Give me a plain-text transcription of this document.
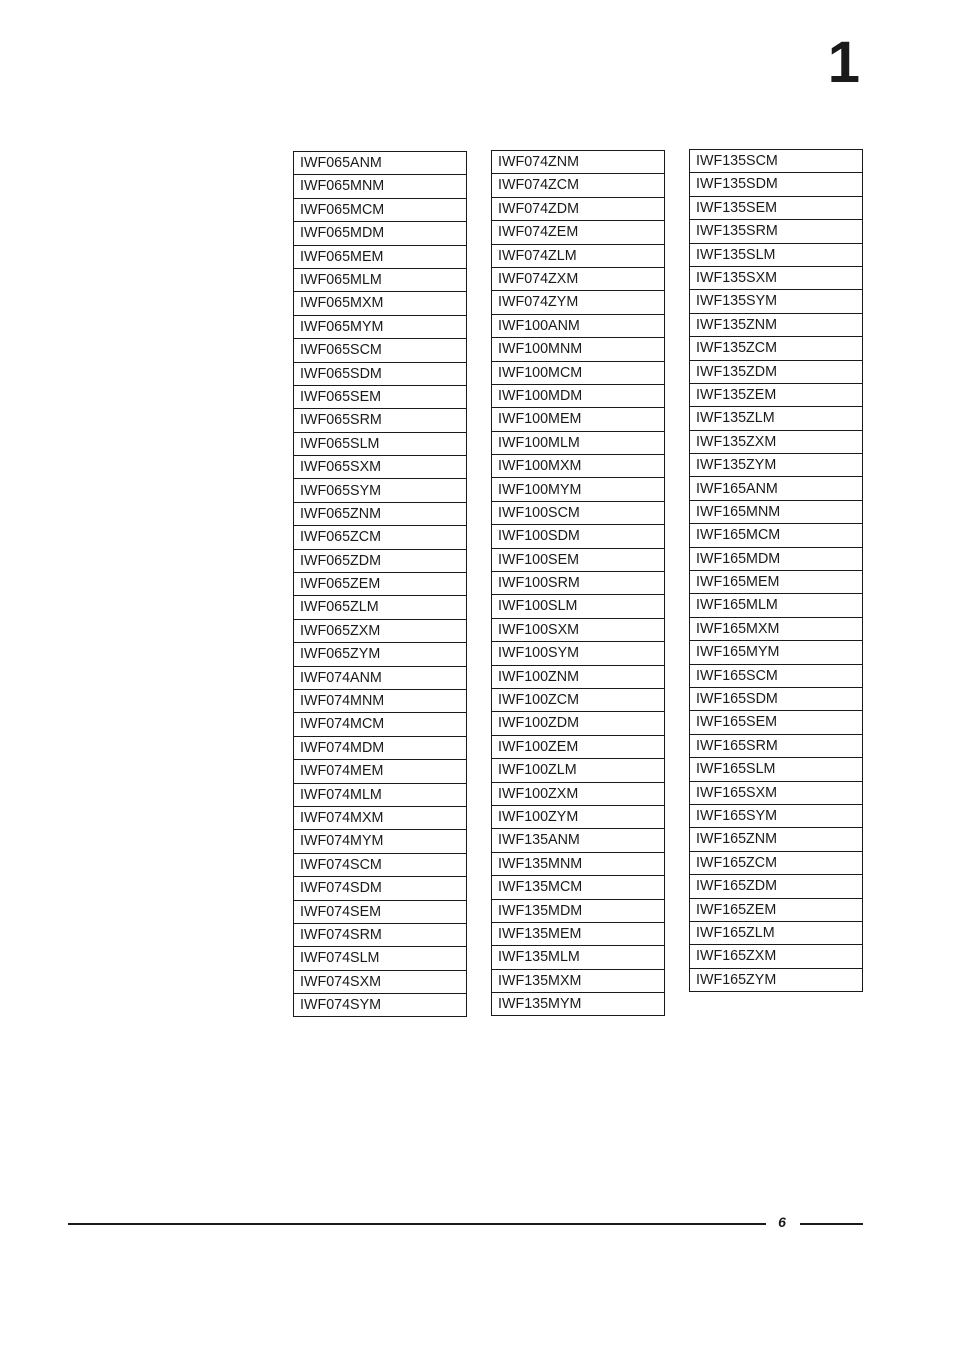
1
IWF065ANM
IWF065MNM
IWF065MCM
IWF065MDM
IWF065MEM
IWF065MLM
IWF065MXM
IWF065MYM
IWF065SCM
IWF065SDM
IWF065SEM
IWF065SRM
IWF065SLM
IWF065SXM
IWF065SYM
IWF065ZNM
IWF065ZCM
IWF065ZDM
IWF065ZEM
IWF065ZLM
IWF065ZXM
IWF065ZYM
IWF074ANM
IWF074MNM
IWF074MCM
IWF074MDM
IWF074MEM
IWF074MLM
IWF074MXM
IWF074MYM
IWF074SCM
IWF074SDM
IWF074SEM
IWF074SRM
IWF074SLM
IWF074SXM
IWF074SYM
IWF074ZNM
IWF074ZCM
IWF074ZDM
IWF074ZEM
IWF074ZLM
IWF074ZXM
IWF074ZYM
IWF100ANM
IWF100MNM
IWF100MCM
IWF100MDM
IWF100MEM
IWF100MLM
IWF100MXM
IWF100MYM
IWF100SCM
IWF100SDM
IWF100SEM
IWF100SRM
IWF100SLM
IWF100SXM
IWF100SYM
IWF100ZNM
IWF100ZCM
IWF100ZDM
IWF100ZEM
IWF100ZLM
IWF100ZXM
IWF100ZYM
IWF135ANM
IWF135MNM
IWF135MCM
IWF135MDM
IWF135MEM
IWF135MLM
IWF135MXM
IWF135MYM
IWF135SCM
IWF135SDM
IWF135SEM
IWF135SRM
IWF135SLM
IWF135SXM
IWF135SYM
IWF135ZNM
IWF135ZCM
IWF135ZDM
IWF135ZEM
IWF135ZLM
IWF135ZXM
IWF135ZYM
IWF165ANM
IWF165MNM
IWF165MCM
IWF165MDM
IWF165MEM
IWF165MLM
IWF165MXM
IWF165MYM
IWF165SCM
IWF165SDM
IWF165SEM
IWF165SRM
IWF165SLM
IWF165SXM
IWF165SYM
IWF165ZNM
IWF165ZCM
IWF165ZDM
IWF165ZEM
IWF165ZLM
IWF165ZXM
IWF165ZYM
6
